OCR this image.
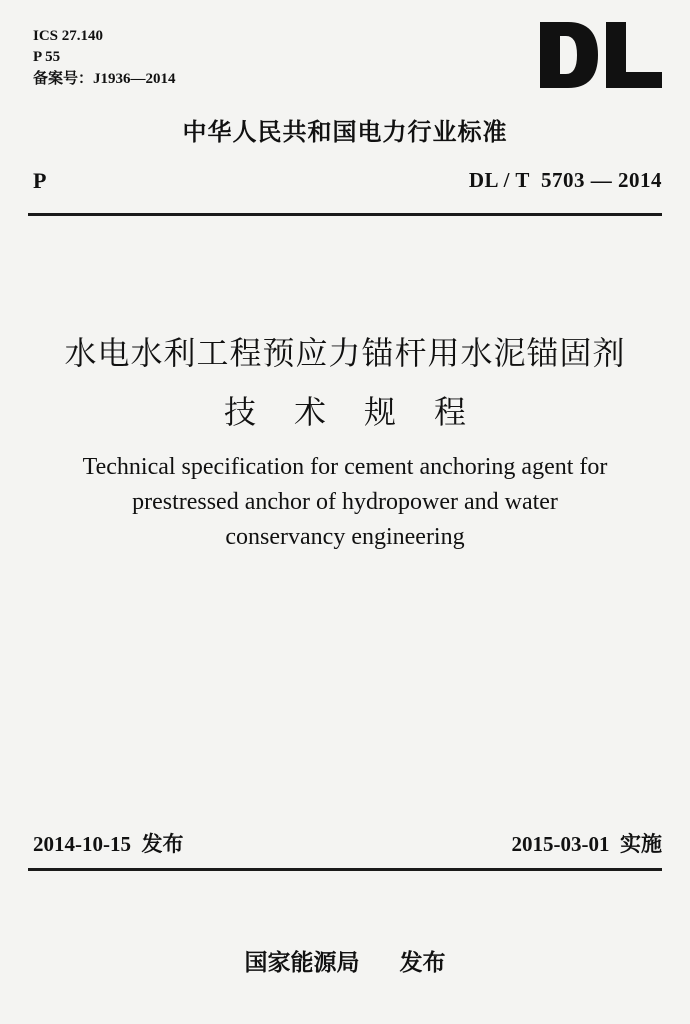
ICS 27.140
P 55
备案号：J1936—2014
中华人民共和国电力行业标准
P	DL / T  5703 — 2014
水电水利工程预应力锚杆用水泥锚固剂
技术规程
Technical specification for cement anchoring agent for
prestressed anchor of hydropower and water
conservancy engineering
2014-10-15 发布	2015-03-01 实施
国家能源局 发布
